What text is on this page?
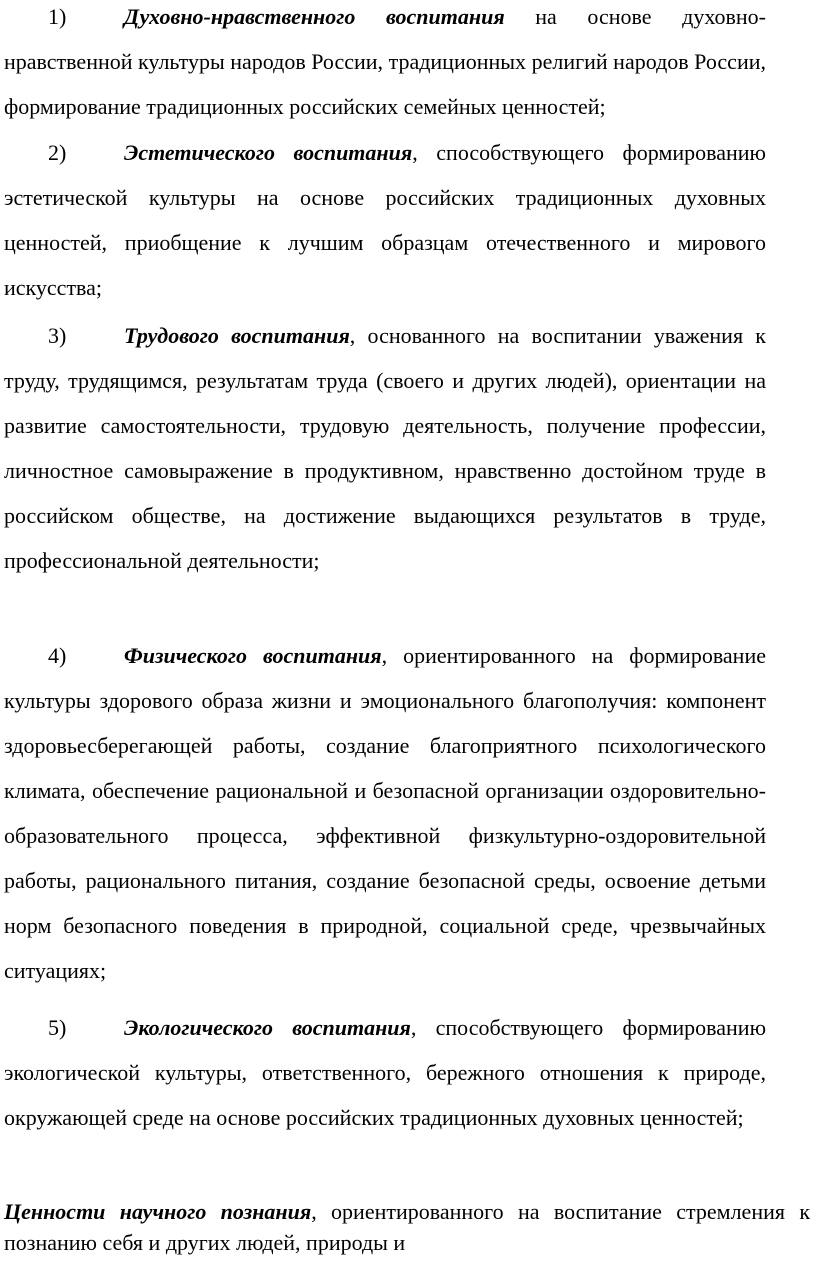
1)	Духовно-нравственного воспитания на основе духовно-нравственной культуры народов России, традиционных религий народов России, формирование традиционных российских семейных ценностей;

2)	Эстетического воспитания, способствующего формированию эстетической культуры на основе российских традиционных духовных ценностей, приобщение к лучшим образцам отечественного и мирового искусства;

3)	Трудового воспитания, основанного на воспитании уважения к труду, трудящимся, результатам труда (своего и других людей), ориентации на развитие самостоятельности, трудовую деятельность, получение профессии, личностное самовыражение в продуктивном, нравственно достойном труде в российском обществе, на достижение выдающихся результатов в труде, профессиональной деятельности;

4)	Физического воспитания, ориентированного на формирование культуры здорового образа жизни и эмоционального благополучия: компонент здоровьесберегающей работы, создание благоприятного психологического климата, обеспечение рациональной и безопасной организации оздоровительно-образовательного процесса, эффективной физкультурно-оздоровительной работы, рационального питания, создание безопасной среды, освоение детьми норм безопасного поведения в природной, социальной среде, чрезвычайных ситуациях;

5)	Экологического воспитания, способствующего формированию экологической культуры, ответственного, бережного отношения к природе, окружающей среде на основе российских традиционных духовных ценностей;

Ценности научного познания, ориентированного на воспитание стремления к познанию себя и других людей, природы и
